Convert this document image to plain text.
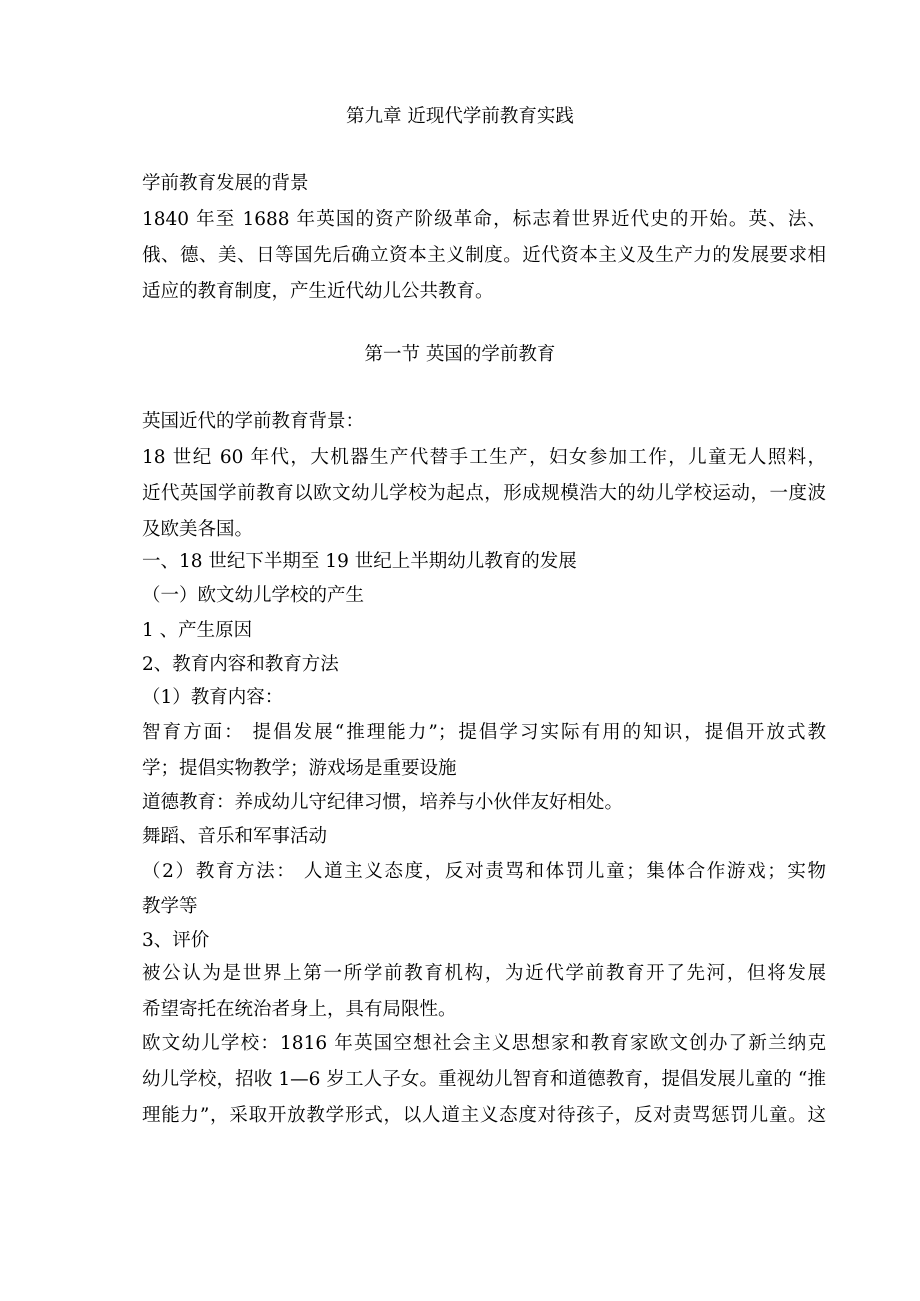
第九章 近现代学前教育实践
学前教育发展的背景
1840 年至 1688 年英国的资产阶级革命，标志着世界近代史的开始。英、法、
俄、德、美、日等国先后确立资本主义制度。近代资本主义及生产力的发展要求相
适应的教育制度，产生近代幼儿公共教育。
第一节 英国的学前教育
英国近代的学前教育背景：
18 世纪 60 年代，大机器生产代替手工生产，妇女参加工作，儿童无人照料，
近代英国学前教育以欧文幼儿学校为起点，形成规模浩大的幼儿学校运动，一度波
及欧美各国。
一、18 世纪下半期至 19 世纪上半期幼儿教育的发展
（一）欧文幼儿学校的产生
1 、产生原因
2、教育内容和教育方法
（1）教育内容：
智育方面： 提倡发展“推理能力”；提倡学习实际有用的知识，提倡开放式教
学；提倡实物教学；游戏场是重要设施
道德教育：养成幼儿守纪律习惯，培养与小伙伴友好相处。
舞蹈、音乐和军事活动
（2）教育方法： 人道主义态度，反对责骂和体罚儿童；集体合作游戏；实物
教学等
3、评价
被公认为是世界上第一所学前教育机构，为近代学前教育开了先河，但将发展
希望寄托在统治者身上，具有局限性。
欧文幼儿学校：1816 年英国空想社会主义思想家和教育家欧文创办了新兰纳克
幼儿学校，招收 1—6 岁工人子女。重视幼儿智育和道德教育，提倡发展儿童的 “推
理能力”，采取开放教学形式，以人道主义态度对待孩子，反对责骂惩罚儿童。这
